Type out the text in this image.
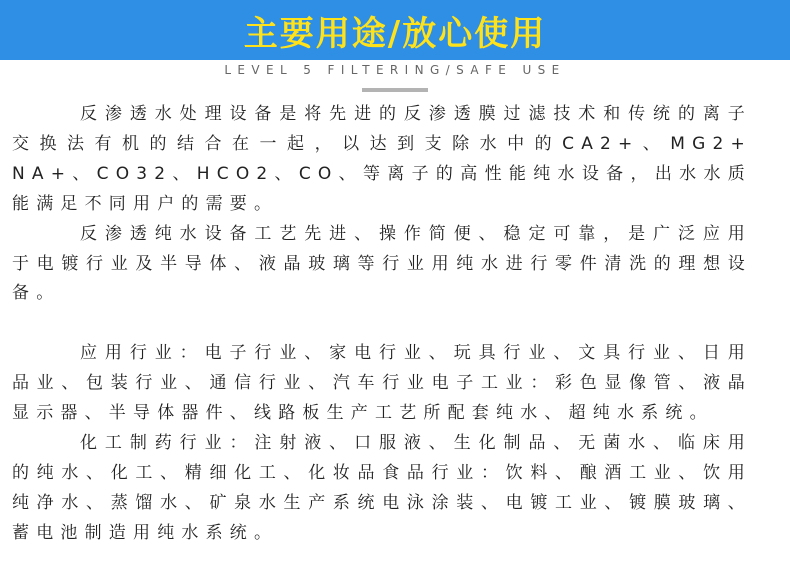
主要用途/放心使用
LEVEL 5 FILTERING/SAFE USE

反渗透水处理设备是将先进的反渗透膜过滤技术和传统的离子交换法有机的结合在一起，以达到支除水中的CA2+、MG2+ NA+、CO32、HCO2、CO、等离子的高性能纯水设备，出水水质能满足不同用户的需要。

反渗透纯水设备工艺先进、操作简便、稳定可靠，是广泛应用于电镀行业及半导体、液晶玻璃等行业用纯水进行零件清洗的理想设备。

应用行业：电子行业、家电行业、玩具行业、文具行业、日用品业、包装行业、通信行业、汽车行业电子工业：彩色显像管、液晶显示器、半导体器件、线路板生产工艺所配套纯水、超纯水系统。

化工制药行业：注射液、口服液、生化制品、无菌水、临床用的纯水、化工、精细化工、化妆品食品行业：饮料、酿酒工业、饮用纯净水、蒸馏水、矿泉水生产系统电泳涂装、电镀工业、镀膜玻璃、蓄电池制造用纯水系统。
